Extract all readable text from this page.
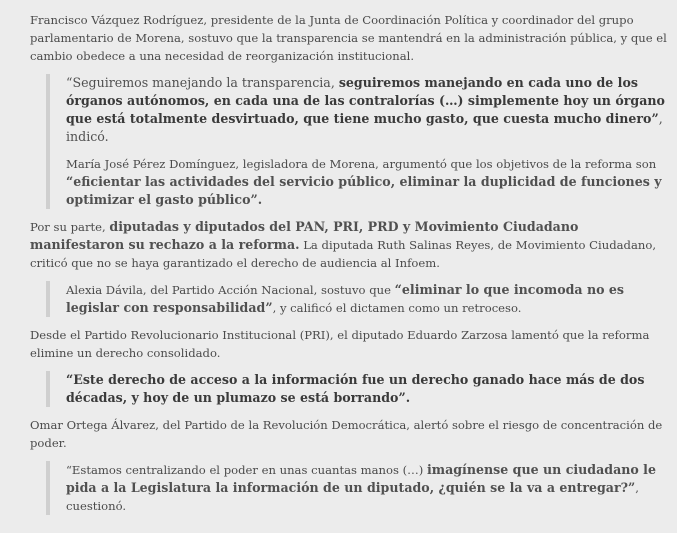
Francisco Vázquez Rodríguez, presidente de la Junta de Coordinación Política y coordinador del grupo parlamentario de Morena, sostuvo que la transparencia se mantendrá en la administración pública, y que el cambio obedece a una necesidad de reorganización institucional.

“Seguiremos manejando la transparencia, seguiremos manejando en cada uno de los órganos autónomos, en cada una de las contralorías (…) simplemente hoy un órgano que está totalmente desvirtuado, que tiene mucho gasto, que cuesta mucho dinero”, indicó.

María José Pérez Domínguez, legisladora de Morena, argumentó que los objetivos de la reforma son “eficientar las actividades del servicio público, eliminar la duplicidad de funciones y optimizar el gasto público”.

Por su parte, diputadas y diputados del PAN, PRI, PRD y Movimiento Ciudadano manifestaron su rechazo a la reforma. La diputada Ruth Salinas Reyes, de Movimiento Ciudadano, criticó que no se haya garantizado el derecho de audiencia al Infoem.

Alexia Dávila, del Partido Acción Nacional, sostuvo que “eliminar lo que incomoda no es legislar con responsabilidad”, y calificó el dictamen como un retroceso.

Desde el Partido Revolucionario Institucional (PRI), el diputado Eduardo Zarzosa lamentó que la reforma elimine un derecho consolidado.

“Este derecho de acceso a la información fue un derecho ganado hace más de dos décadas, y hoy de un plumazo se está borrando”.

Omar Ortega Álvarez, del Partido de la Revolución Democrática, alertó sobre el riesgo de concentración de poder.

“Estamos centralizando el poder en unas cuantas manos (…) imagínense que un ciudadano le pida a la Legislatura la información de un diputado, ¿quién se la va a entregar?”, cuestionó.
